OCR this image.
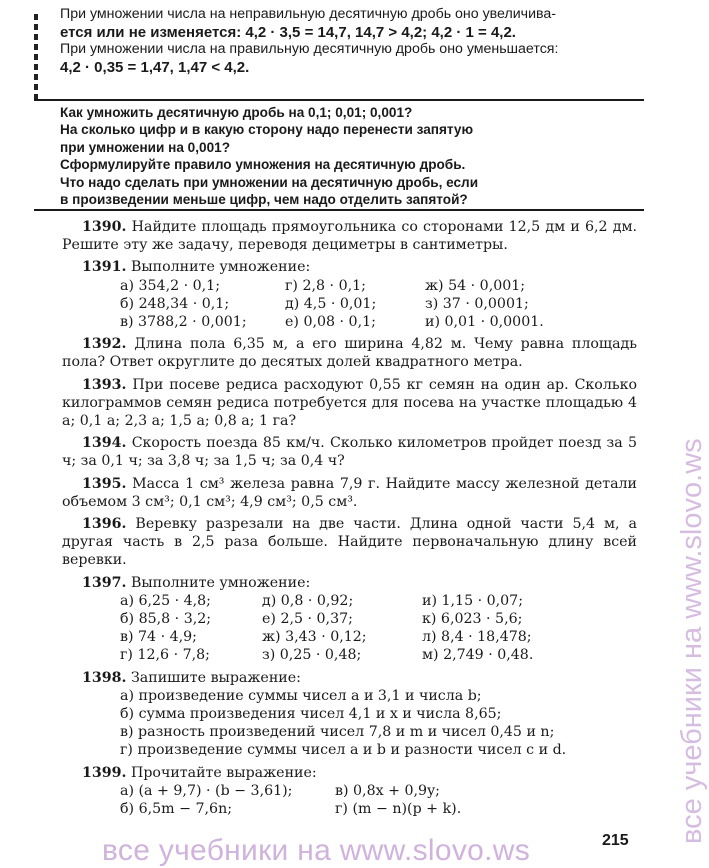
При умножении числа на неправильную десятичную дробь оно увеличива-
ется или не изменяется: 4,2 · 3,5 = 14,7, 14,7 > 4,2; 4,2 · 1 = 4,2.
При умножении числа на правильную десятичную дробь оно уменьшается:
4,2 · 0,35 = 1,47, 1,47 < 4,2.
Как умножить десятичную дробь на 0,1; 0,01; 0,001?
На сколько цифр и в какую сторону надо перенести запятую
при умножении на 0,001?
Сформулируйте правило умножения на десятичную дробь.
Что надо сделать при умножении на десятичную дробь, если
в произведении меньше цифр, чем надо отделить запятой?

1390. Найдите площадь прямоугольника со сторонами 12,5 дм и 6,2 дм. Решите эту же задачу, переводя дециметры в сантиметры.

1391. Выполните умножение:
а) 354,2 · 0,1;	г) 2,8 · 0,1;	ж) 54 · 0,001;
б) 248,34 · 0,1;	д) 4,5 · 0,01;	з) 37 · 0,0001;
в) 3788,2 · 0,001;	е) 0,08 · 0,1;	и) 0,01 · 0,0001.

1392. Длина пола 6,35 м, а его ширина 4,82 м. Чему равна площадь пола? Ответ округлите до десятых долей квадратного метра.

1393. При посеве редиса расходуют 0,55 кг семян на один ар. Сколько килограммов семян редиса потребуется для посева на участке площадью 4 а; 0,1 а; 2,3 а; 1,5 а; 0,8 а; 1 га?

1394. Скорость поезда 85 км/ч. Сколько километров пройдет поезд за 5 ч; за 0,1 ч; за 3,8 ч; за 1,5 ч; за 0,4 ч?

1395. Масса 1 см³ железа равна 7,9 г. Найдите массу железной детали объемом 3 см³; 0,1 см³; 4,9 см³; 0,5 см³.

1396. Веревку разрезали на две части. Длина одной части 5,4 м, а другая часть в 2,5 раза больше. Найдите первоначальную длину всей веревки.

1397. Выполните умножение:
а) 6,25 · 4,8;	д) 0,8 · 0,92;	и) 1,15 · 0,07;
б) 85,8 · 3,2;	е) 2,5 · 0,37;	к) 6,023 · 5,6;
в) 74 · 4,9;	ж) 3,43 · 0,12;	л) 8,4 · 18,478;
г) 12,6 · 7,8;	з) 0,25 · 0,48;	м) 2,749 · 0,48.
1398. Запишите выражение:
а) произведение суммы чисел a и 3,1 и числа b;
б) сумма произведения чисел 4,1 и x и числа 8,65;
в) разность произведений чисел 7,8 и m и чисел 0,45 и n;
г) произведение суммы чисел a и b и разности чисел c и d.
1399. Прочитайте выражение:
а) (a + 9,7) · (b − 3,61);	в) 0,8x + 0,9y;
б) 6,5m − 7,6n;	г) (m − n)(p + k).	все учебники на www.slovo.ws
все учебники на www.slovo.ws	215
